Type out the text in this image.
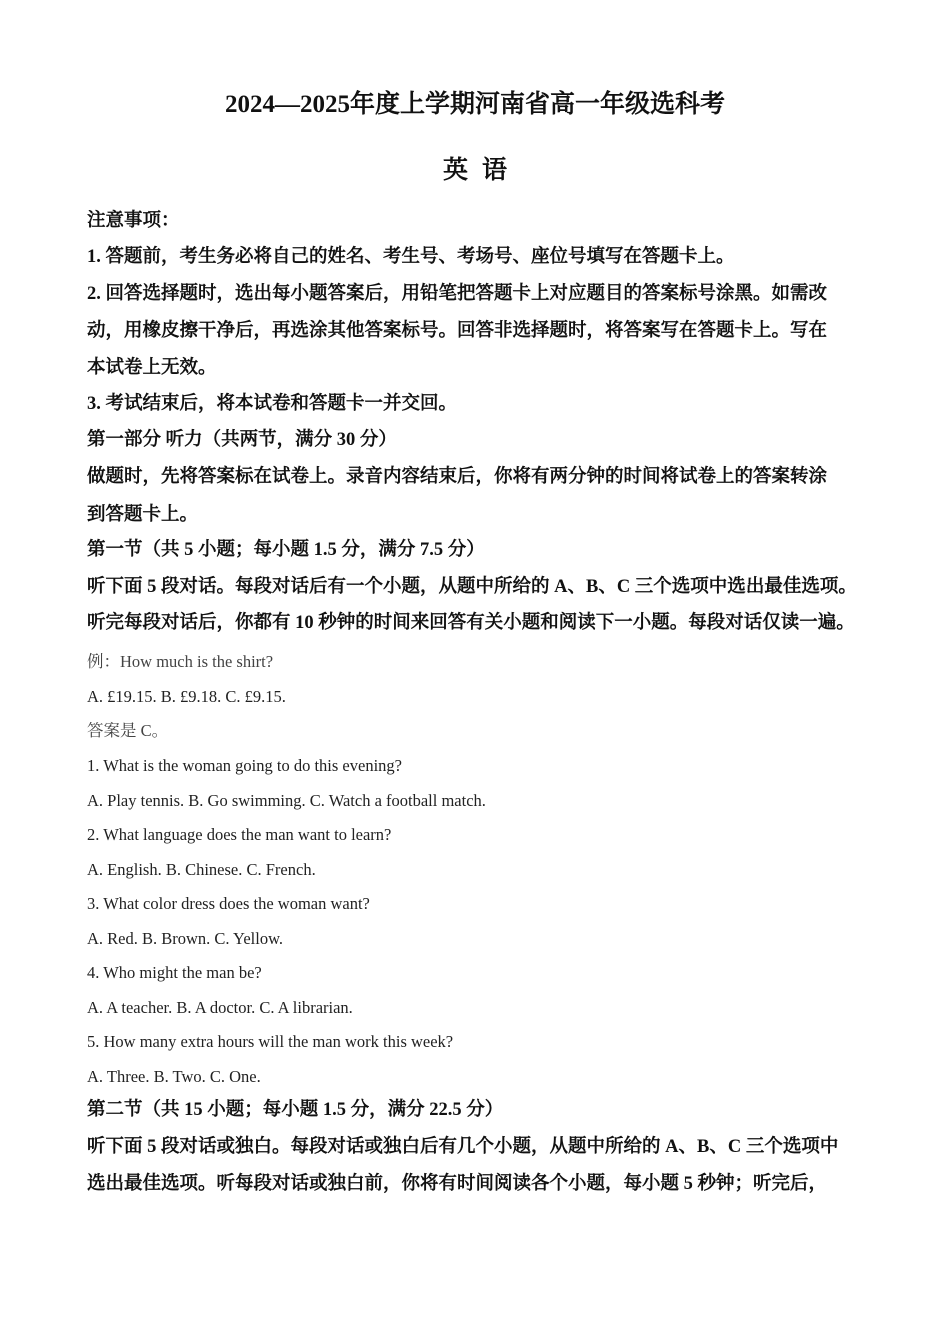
2024—2025年度上学期河南省高一年级选科考
英语
注意事项：
1. 答题前，考生务必将自己的姓名、考生号、考场号、座位号填写在答题卡上。
2. 回答选择题时，选出每小题答案后，用铅笔把答题卡上对应题目的答案标号涂黑。如需改
动，用橡皮擦干净后，再选涂其他答案标号。回答非选择题时，将答案写在答题卡上。写在
本试卷上无效。
3. 考试结束后，将本试卷和答题卡一并交回。
第一部分 听力（共两节，满分 30 分）
做题时，先将答案标在试卷上。录音内容结束后，你将有两分钟的时间将试卷上的答案转涂
到答题卡上。
第一节（共 5 小题；每小题 1.5 分，满分 7.5 分）
听下面 5 段对话。每段对话后有一个小题，从题中所给的 A、B、C 三个选项中选出最佳选项。
听完每段对话后，你都有 10 秒钟的时间来回答有关小题和阅读下一小题。每段对话仅读一遍。
例：How much is the shirt?
A. £19.15. B. £9.18. C. £9.15.
答案是 C。
1. What is the woman going to do this evening?
A. Play tennis. B. Go swimming. C. Watch a football match.
2. What language does the man want to learn?
A. English. B. Chinese. C. French.
3. What color dress does the woman want?
A. Red. B. Brown. C. Yellow.
4. Who might the man be?
A. A teacher. B. A doctor. C. A librarian.
5. How many extra hours will the man work this week?
A. Three. B. Two. C. One.
第二节（共 15 小题；每小题 1.5 分，满分 22.5 分）
听下面 5 段对话或独白。每段对话或独白后有几个小题，从题中所给的 A、B、C 三个选项中
选出最佳选项。听每段对话或独白前，你将有时间阅读各个小题，每小题 5 秒钟；听完后，
